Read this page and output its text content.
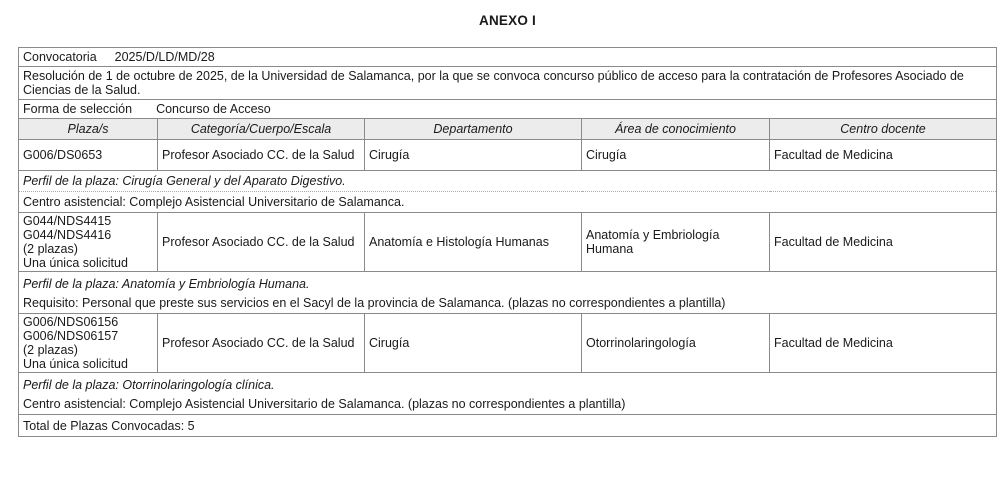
ANEXO I
Convocatoria 2025/D/LD/MD/28				
Resolución de 1 de octubre de 2025, de la Universidad de Salamanca, por la que se convoca concurso público de acceso para la contratación de Profesores Asociado de Ciencias de la Salud.				
Forma de selección Concurso de Acceso				
Plaza/s	Categoría/Cuerpo/Escala	Departamento	Área de conocimiento	Centro docente

G006/DS0653	Profesor Asociado CC. de la Salud	Cirugía	Cirugía	Facultad de Medicina
Perfil de la plaza: Cirugía General y del Aparato Digestivo.				
Centro asistencial: Complejo Asistencial Universitario de Salamanca.				

G044/NDS4415
G044/NDS4416
(2 plazas)
Una única solicitud	Profesor Asociado CC. de la Salud	Anatomía e Histología Humanas	Anatomía y Embriología Humana	Facultad de Medicina
Perfil de la plaza: Anatomía y Embriología Humana.				
Requisito: Personal que preste sus servicios en el Sacyl de la provincia de Salamanca. (plazas no correspondientes a plantilla)				

G006/NDS06156
G006/NDS06157
(2 plazas)
Una única solicitud	Profesor Asociado CC. de la Salud	Cirugía	Otorrinolaringología	Facultad de Medicina
Perfil de la plaza: Otorrinolaringología clínica.				
Centro asistencial: Complejo Asistencial Universitario de Salamanca. (plazas no correspondientes a plantilla)				
Total de Plazas Convocadas: 5				
